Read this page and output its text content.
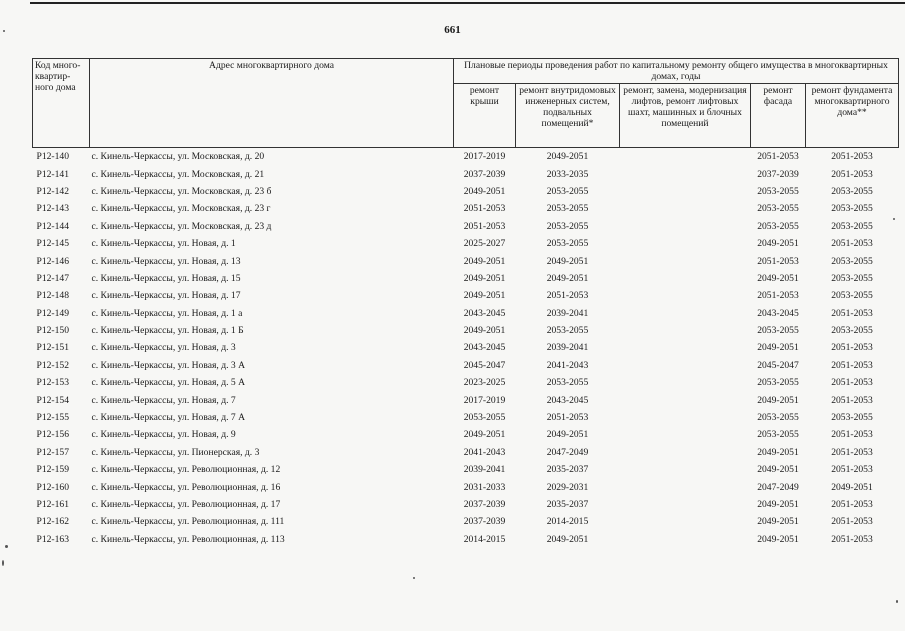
661
Код много-квартир-ного дома	Адрес многоквартирного дома	Плановые периоды проведения работ по капитальному ремонту общего имущества в многоквартирных домах, годы				
		ремонт крыши	ремонт внутридомовых инженерных систем, подвальных помещений*	ремонт, замена, модернизация лифтов, ремонт лифтовых шахт, машинных и блочных помещений	ремонт фасада	ремонт фундамента многоквартирного дома**
P12-140	с. Кинель-Черкассы, ул. Московская, д. 20	2017-2019	2049-2051		2051-2053	2051-2053
P12-141	с. Кинель-Черкассы, ул. Московская, д. 21	2037-2039	2033-2035		2037-2039	2051-2053
P12-142	с. Кинель-Черкассы, ул. Московская, д. 23 б	2049-2051	2053-2055		2053-2055	2053-2055
P12-143	с. Кинель-Черкассы, ул. Московская, д. 23 г	2051-2053	2053-2055		2053-2055	2053-2055
P12-144	с. Кинель-Черкассы, ул. Московская, д. 23 д	2051-2053	2053-2055		2053-2055	2053-2055
P12-145	с. Кинель-Черкассы, ул. Новая, д. 1	2025-2027	2053-2055		2049-2051	2051-2053
P12-146	с. Кинель-Черкассы, ул. Новая, д. 13	2049-2051	2049-2051		2051-2053	2053-2055
P12-147	с. Кинель-Черкассы, ул. Новая, д. 15	2049-2051	2049-2051		2049-2051	2053-2055
P12-148	с. Кинель-Черкассы, ул. Новая, д. 17	2049-2051	2051-2053		2051-2053	2053-2055
P12-149	с. Кинель-Черкассы, ул. Новая, д. 1 а	2043-2045	2039-2041		2043-2045	2051-2053
P12-150	с. Кинель-Черкассы, ул. Новая, д. 1 Б	2049-2051	2053-2055		2053-2055	2053-2055
P12-151	с. Кинель-Черкассы, ул. Новая, д. 3	2043-2045	2039-2041		2049-2051	2051-2053
P12-152	с. Кинель-Черкассы, ул. Новая, д. 3 А	2045-2047	2041-2043		2045-2047	2051-2053
P12-153	с. Кинель-Черкассы, ул. Новая, д. 5 А	2023-2025	2053-2055		2053-2055	2051-2053
P12-154	с. Кинель-Черкассы, ул. Новая, д. 7	2017-2019	2043-2045		2049-2051	2051-2053
P12-155	с. Кинель-Черкассы, ул. Новая, д. 7 А	2053-2055	2051-2053		2053-2055	2053-2055
P12-156	с. Кинель-Черкассы, ул. Новая, д. 9	2049-2051	2049-2051		2053-2055	2051-2053
P12-157	с. Кинель-Черкассы, ул. Пионерская, д. 3	2041-2043	2047-2049		2049-2051	2051-2053
P12-159	с. Кинель-Черкассы, ул. Революционная, д. 12	2039-2041	2035-2037		2049-2051	2051-2053
P12-160	с. Кинель-Черкассы, ул. Революционная, д. 16	2031-2033	2029-2031		2047-2049	2049-2051
P12-161	с. Кинель-Черкассы, ул. Революционная, д. 17	2037-2039	2035-2037		2049-2051	2051-2053
P12-162	с. Кинель-Черкассы, ул. Революционная, д. 111	2037-2039	2014-2015		2049-2051	2051-2053
P12-163	с. Кинель-Черкассы, ул. Революционная, д. 113	2014-2015	2049-2051		2049-2051	2051-2053
